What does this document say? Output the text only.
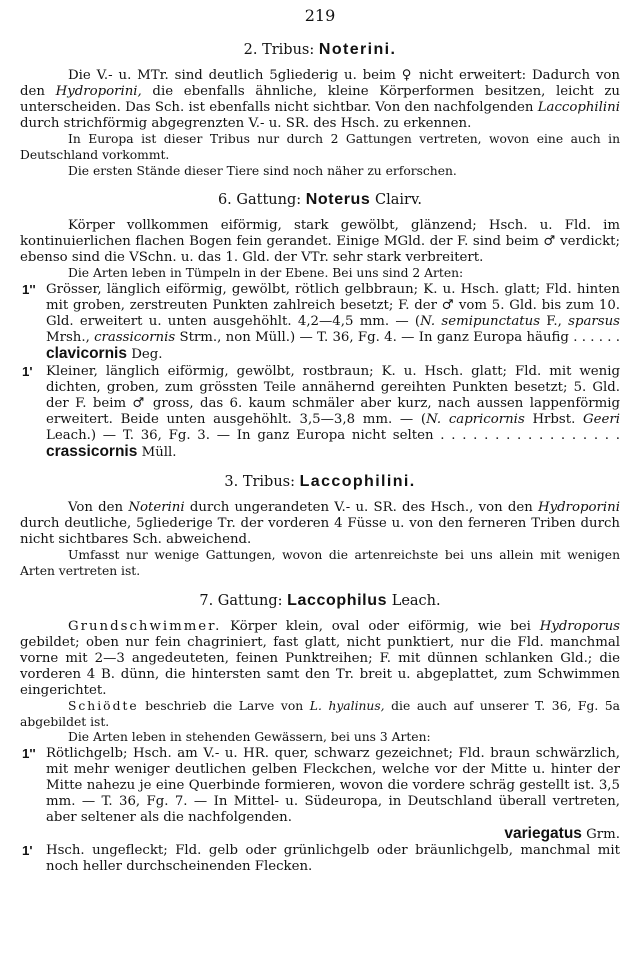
219
2. Tribus: Noterini.

Die V.- u. MTr. sind deutlich 5gliederig u. beim ♀ nicht erweitert: Dadurch von den Hydroporini, die ebenfalls ähnliche, kleine Körperformen besitzen, leicht zu unterscheiden. Das Sch. ist ebenfalls nicht sichtbar. Von den nachfolgenden Laccophilini durch strichförmig abgegrenzten V.- u. SR. des Hsch. zu erkennen.

In Europa ist dieser Tribus nur durch 2 Gattungen vertreten, wovon eine auch in Deutschland vorkommt.

Die ersten Stände dieser Tiere sind noch näher zu erforschen.

6. Gattung: Noterus Clairv.

Körper vollkommen eiförmig, stark gewölbt, glänzend; Hsch. u. Fld. im kontinuierlichen flachen Bogen fein gerandet. Einige MGld. der F. sind beim ♂ verdickt; ebenso sind die VSchn. u. das 1. Gld. der VTr. sehr stark verbreitert.

Die Arten leben in Tümpeln in der Ebene. Bei uns sind 2 Arten:

1'' Grösser, länglich eiförmig, gewölbt, rötlich gelbbraun; K. u. Hsch. glatt; Fld. hinten mit groben, zerstreuten Punkten zahlreich besetzt; F. der ♂ vom 5. Gld. bis zum 10. Gld. erweitert u. unten ausgehöhlt. 4,2—4,5 mm. — (N. semipunctatus F., sparsus Mrsh., crassicornis Strm., non Müll.) — T. 36, Fg. 4. — In ganz Europa häufig . . . . . . clavicornis Deg.

1' Kleiner, länglich eiförmig, gewölbt, rostbraun; K. u. Hsch. glatt; Fld. mit wenig dichten, groben, zum grössten Teile annähernd gereihten Punkten besetzt; 5. Gld. der F. beim ♂ gross, das 6. kaum schmäler aber kurz, nach aussen lappenförmig erweitert. Beide unten ausgehöhlt. 3,5—3,8 mm. — (N. capricornis Hrbst. Geeri Leach.) — T. 36, Fg. 3. — In ganz Europa nicht selten . . . . . . . . . . . . . . . . . crassicornis Müll.

3. Tribus: Laccophilini.

Von den Noterini durch ungerandeten V.- u. SR. des Hsch., von den Hydroporini durch deutliche, 5gliederige Tr. der vorderen 4 Füsse u. von den ferneren Triben durch nicht sichtbares Sch. abweichend.

Umfasst nur wenige Gattungen, wovon die artenreichste bei uns allein mit wenigen Arten vertreten ist.

7. Gattung: Laccophilus Leach.

Grundschwimmer. Körper klein, oval oder eiförmig, wie bei Hydroporus gebildet; oben nur fein chagriniert, fast glatt, nicht punktiert, nur die Fld. manchmal vorne mit 2—3 angedeuteten, feinen Punktreihen; F. mit dünnen schlanken Gld.; die vorderen 4 B. dünn, die hintersten samt den Tr. breit u. abgeplattet, zum Schwimmen eingerichtet.

Schiödte beschrieb die Larve von L. hyalinus, die auch auf unserer T. 36, Fg. 5a abgebildet ist.

Die Arten leben in stehenden Gewässern, bei uns 3 Arten:

1'' Rötlichgelb; Hsch. am V.- u. HR. quer, schwarz gezeichnet; Fld. braun schwärzlich, mit mehr weniger deutlichen gelben Fleckchen, welche vor der Mitte u. hinter der Mitte nahezu je eine Querbinde formieren, wovon die vordere schräg gestellt ist. 3,5 mm. — T. 36, Fg. 7. — In Mittel- u. Südeuropa, in Deutschland überall vertreten, aber seltener als die nachfolgenden.
variegatus Grm.

1' Hsch. ungefleckt; Fld. gelb oder grünlichgelb oder bräunlichgelb, manchmal mit noch heller durchscheinenden Flecken.
